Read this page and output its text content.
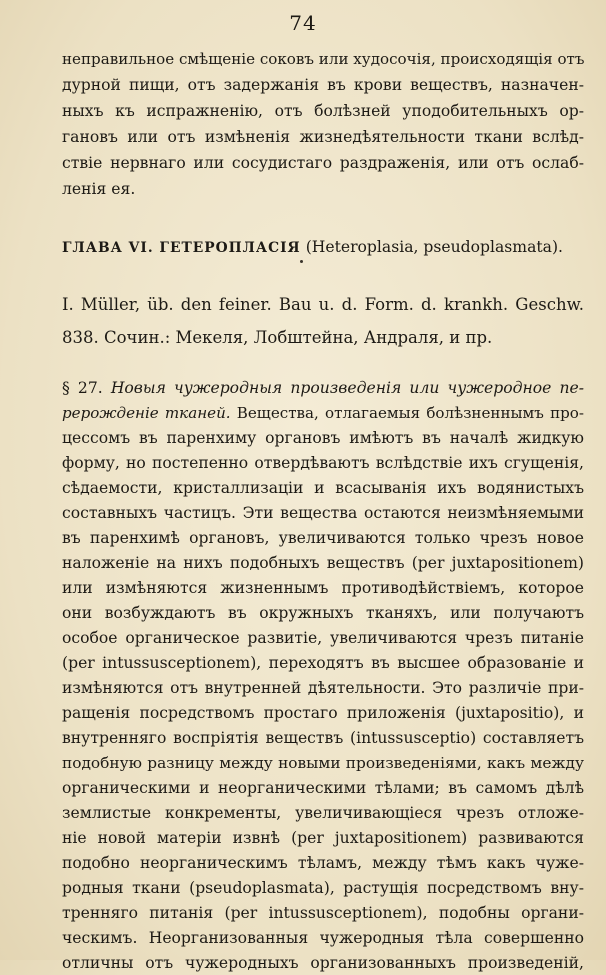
74
неправильное смѣщеніе соковъ или худосочія, происходящія отъ
дурной пищи, отъ задержанія въ крови веществъ, назначен-
ныхъ къ испражненію, отъ болѣзней уподобительныхъ ор-
гановъ или отъ измѣненія жизнедѣятельности ткани вслѣд-
ствіе нервнаго или сосудистаго раздраженія, или отъ ослаб-
ленія ея.
ГЛАВА VI. ГЕТЕРОПЛАСІЯ (Heteroplasia, pseudoplasmata).
I. Müller, üb. den feiner. Bau u. d. Form. d. krankh. Geschw.
838. Сочин.: Мекеля, Лобштейна, Андраля, и пр.
§ 27. Новыя чужеродныя произведенія или чужеродное пе-
рерожденіе тканей. Вещества, отлагаемыя болѣзненнымъ про-
цессомъ въ паренхиму органовъ имѣютъ въ началѣ жидкую
форму, но постепенно отвердѣваютъ вслѣдствіе ихъ сгущенія,
сѣдаемости, кристаллизаціи и всасыванія ихъ водянистыхъ
составныхъ частицъ. Эти вещества остаются неизмѣняемыми
въ паренхимѣ органовъ, увеличиваются только чрезъ новое
наложеніе на нихъ подобныхъ веществъ (per juxtapositionem)
или измѣняются жизненнымъ противодѣйствіемъ, которое
они возбуждаютъ въ окружныхъ тканяхъ, или получаютъ
особое органическое развитіе, увеличиваются чрезъ питаніе
(per intussusceptionem), переходятъ въ высшее образованіе и
измѣняются отъ внутренней дѣятельности. Это различіе при-
ращенія посредствомъ простаго приложенія (juxtapositio), и
внутренняго воспріятія веществъ (intussusceptio) составляетъ
подобную разницу между новыми произведеніями, какъ между
органическими и неорганическими тѣлами; въ самомъ дѣлѣ
землистые конкременты, увеличивающіеся чрезъ отложе-
ніе новой матеріи извнѣ (per juxtapositionem) развиваются
подобно неорганическимъ тѣламъ, между тѣмъ какъ чуже-
родныя ткани (pseudoplasmata), растущія посредствомъ вну-
тренняго питанія (per intussusceptionem), подобны органи-
ческимъ. Неорганизованныя чужеродныя тѣла совершенно
отличны отъ чужеродныхъ организованныхъ произведеній,
